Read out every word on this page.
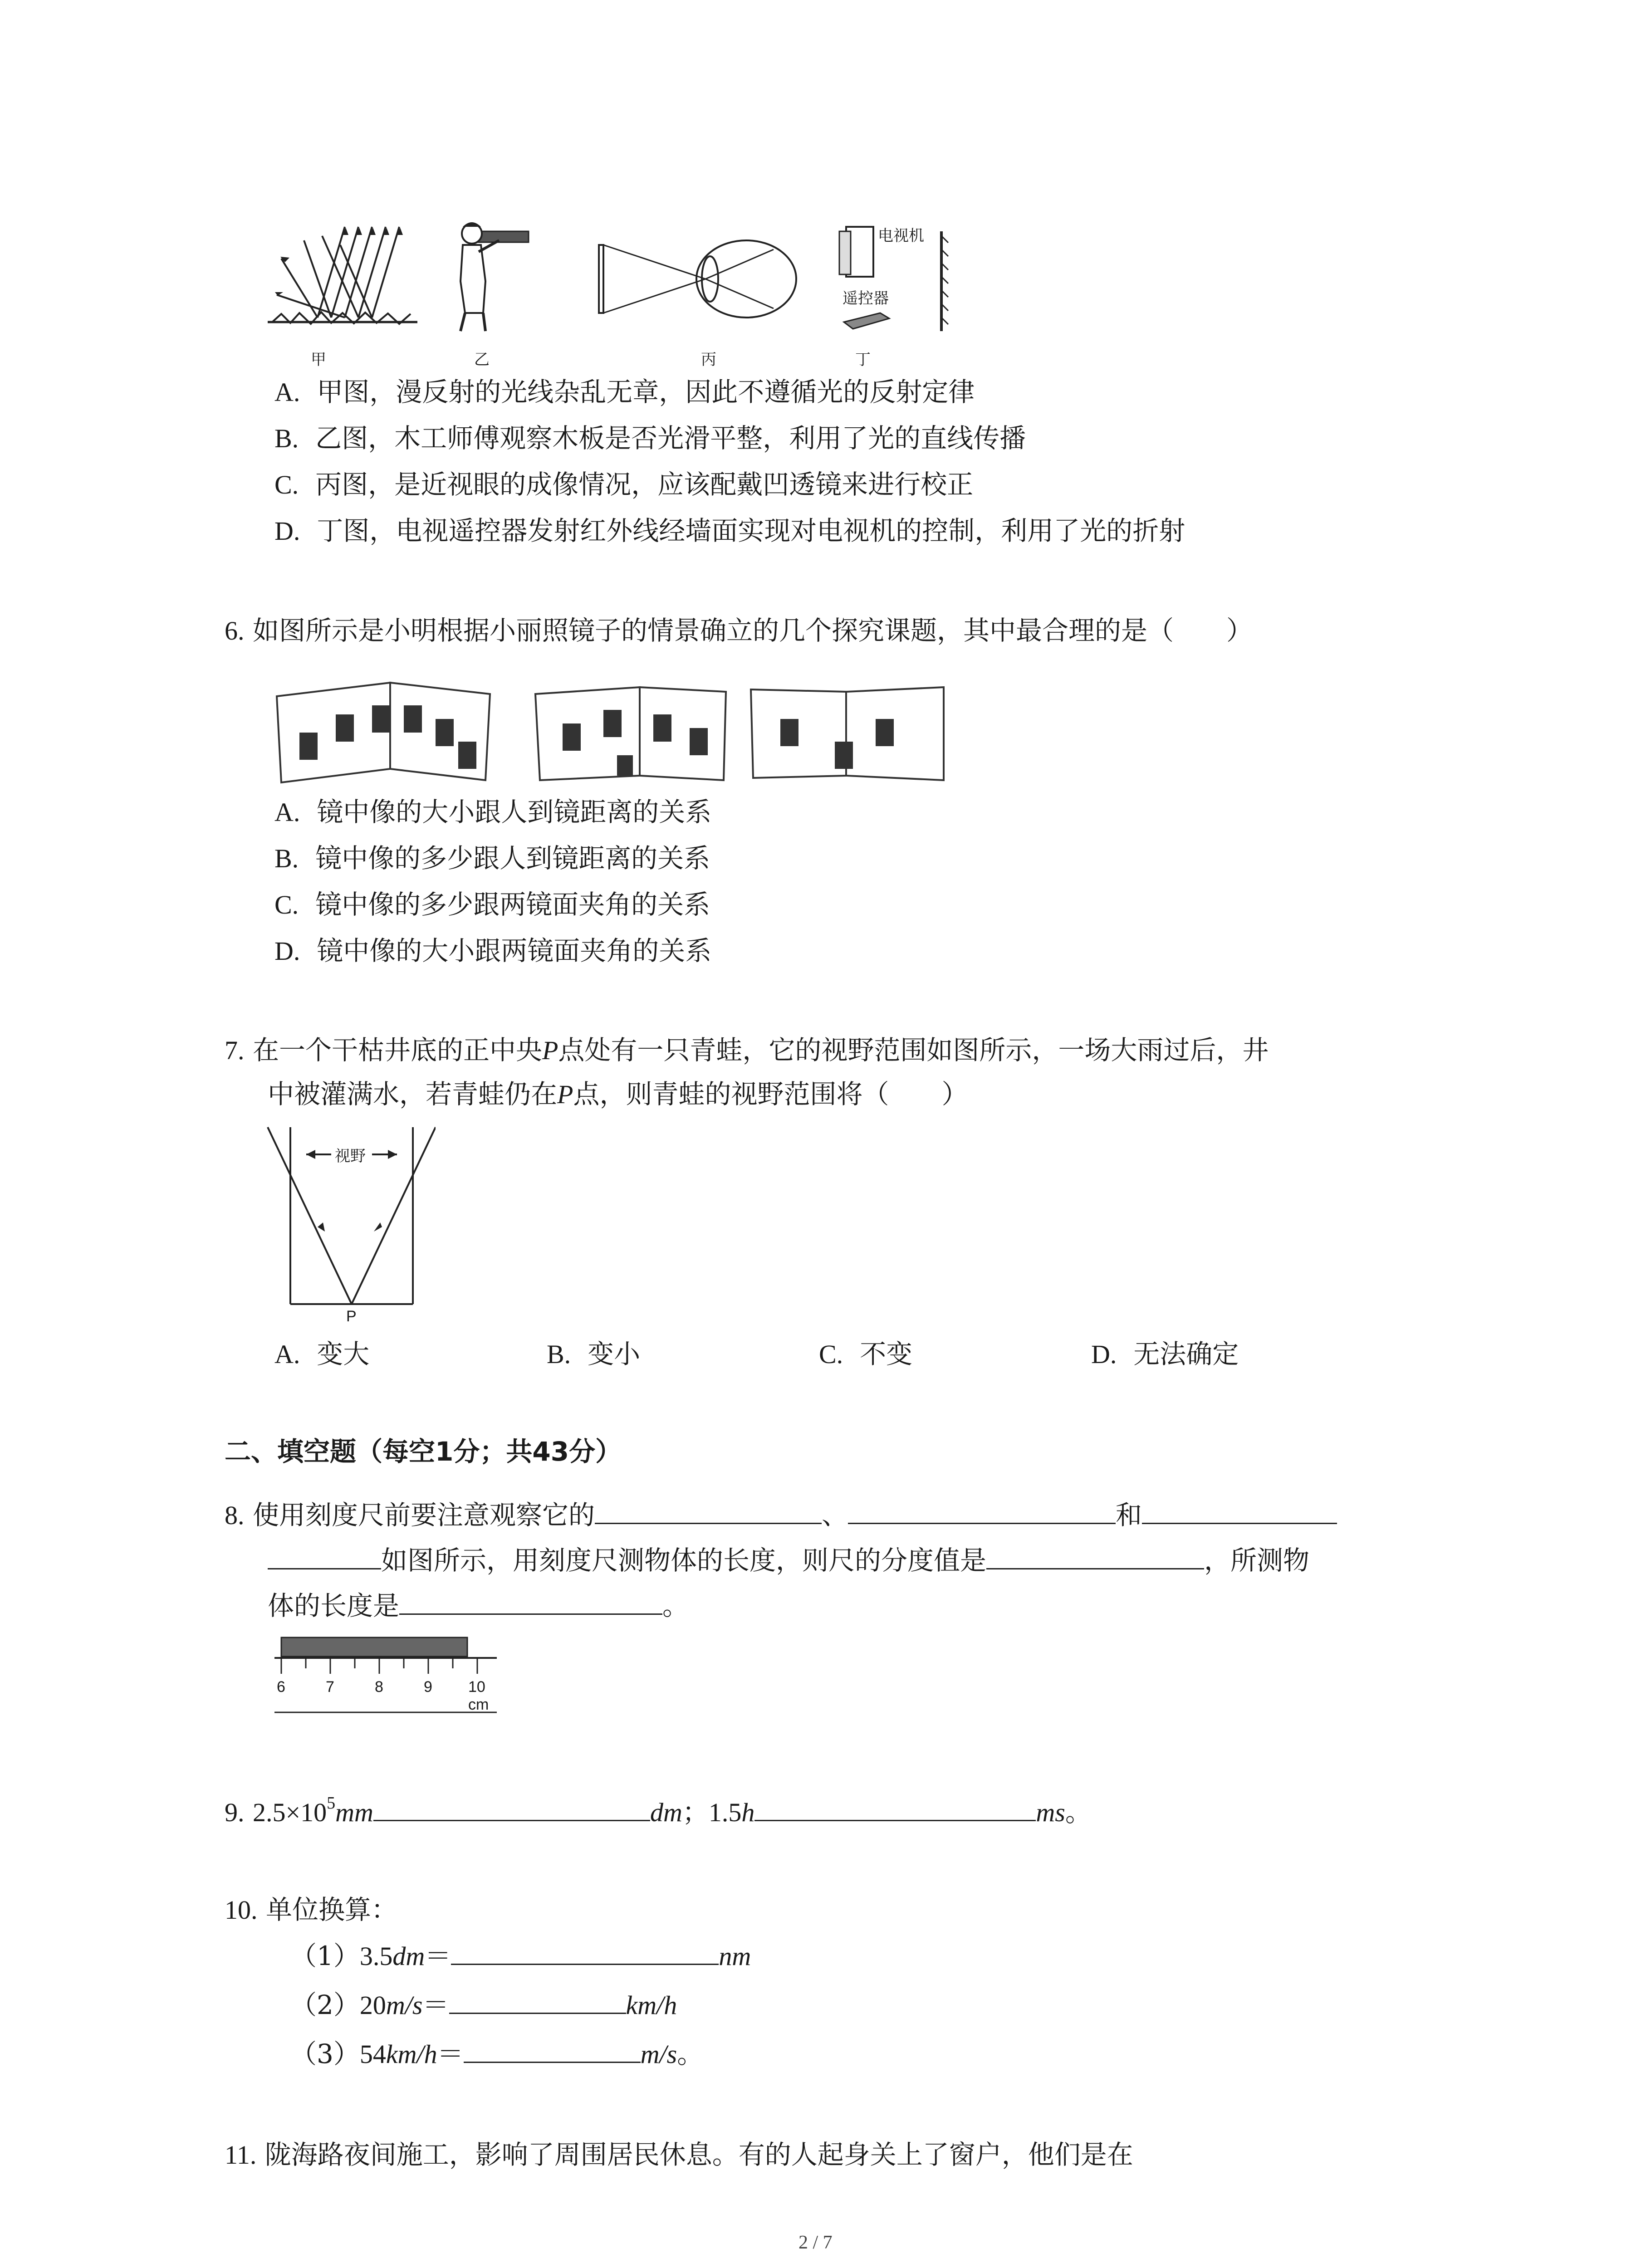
电视机
遥控器
甲	乙	丙	丁
A. 甲图，漫反射的光线杂乱无章，因此不遵循光的反射定律
B. 乙图，木工师傅观察木板是否光滑平整，利用了光的直线传播
C. 丙图，是近视眼的成像情况，应该配戴凹透镜来进行校正
D. 丁图，电视遥控器发射红外线经墙面实现对电视机的控制，利用了光的折射
6. 如图所示是小明根据小丽照镜子的情景确立的几个探究课题，其中最合理的是（　　）
A. 镜中像的大小跟人到镜距离的关系
B. 镜中像的多少跟人到镜距离的关系
C. 镜中像的多少跟两镜面夹角的关系
D. 镜中像的大小跟两镜面夹角的关系
7. 在一个干枯井底的正中央P点处有一只青蛙，它的视野范围如图所示，一场大雨过后，井
中被灌满水，若青蛙仍在P点，则青蛙的视野范围将（　　）
视野
P
A. 变大	B. 变小	C. 不变	D. 无法确定
二、填空题（每空1分；共43分）
8. 使用刻度尺前要注意观察它的	、	和
如图所示，用刻度尺测物体的长度，则尺的分度值是	，所测物
体的长度是	。
6	7	8	9 10 cm
9. $2.5\times 10^5mm$	dm；1.5h	ms。
10. 单位换算：
（1）3.5dm＝	nm
（2）20m/s＝	km/h
（3）54km/h＝	m/s。
11. 陇海路夜间施工，影响了周围居民休息。有的人起身关上了窗户，他们是在
2 / 7
